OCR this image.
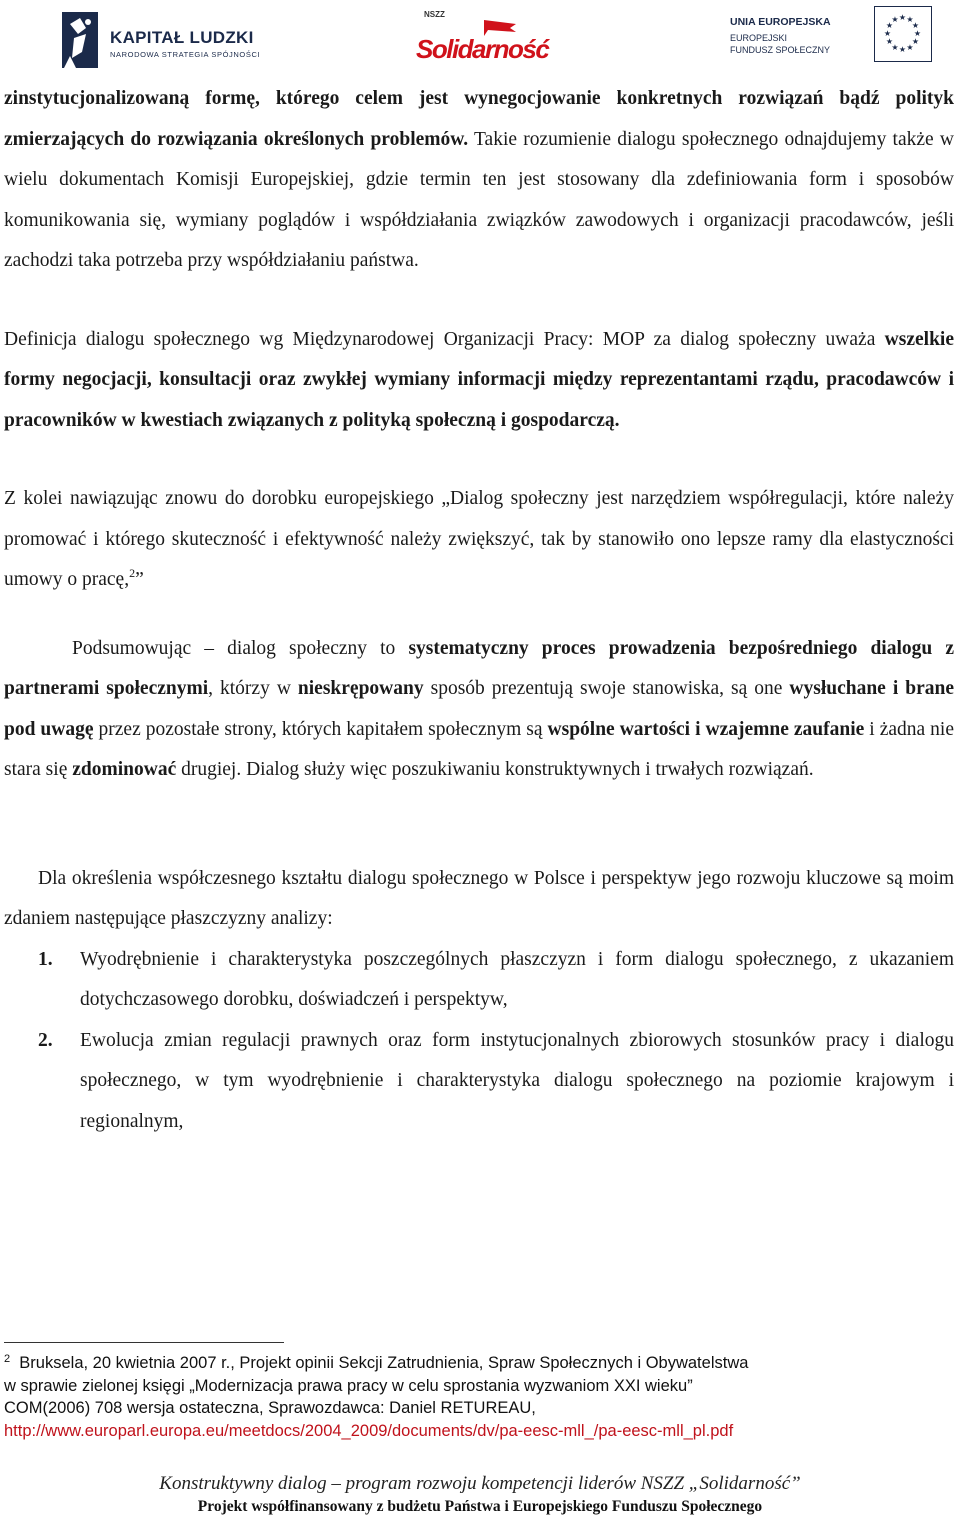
KAPITAŁ LUDZKI
NARODOWA STRATEGIA SPÓJNOŚCI
NSZZ
Solidarność
UNIA EUROPEJSKA
EUROPEJSKI
FUNDUSZ SPOŁECZNY
★ ★
★
★
★
★
★
★
★
★
★
★

zinstytucjonalizowaną formę, którego celem jest wynegocjowanie konkretnych rozwiązań bądź polityk zmierzających do rozwiązania określonych problemów. Takie rozumienie dialogu społecznego odnajdujemy także w wielu dokumentach Komisji Europejskiej, gdzie termin ten jest stosowany dla zdefiniowania form i sposobów komunikowania się, wymiany poglądów i współdziałania związków zawodowych i organizacji pracodawców, jeśli zachodzi taka potrzeba przy współdziałaniu państwa.

Definicja dialogu społecznego wg Międzynarodowej Organizacji Pracy: MOP za dialog społeczny uważa wszelkie formy negocjacji, konsultacji oraz zwykłej wymiany informacji między reprezentantami rządu, pracodawców i pracowników w kwestiach związanych z polityką społeczną i gospodarczą.

Z kolei nawiązując znowu do dorobku europejskiego „Dialog społeczny jest narzędziem współregulacji, które należy promować i którego skuteczność i efektywność należy zwiększyć, tak by stanowiło ono lepsze ramy dla elastyczności umowy o pracę,$^2$”

Podsumowując – dialog społeczny to systematyczny proces prowadzenia bezpośredniego dialogu z partnerami społecznymi, którzy w nieskrępowany sposób prezentują swoje stanowiska, są one wysłuchane i brane pod uwagę przez pozostałe strony, których kapitałem społecznym są wspólne wartości i wzajemne zaufanie i żadna nie stara się zdominować drugiej. Dialog służy więc poszukiwaniu konstruktywnych i trwałych rozwiązań.

Dla określenia współczesnego kształtu dialogu społecznego w Polsce i perspektyw jego rozwoju kluczowe są moim zdaniem następujące płaszczyzny analizy:

1. Wyodrębnienie i charakterystyka poszczególnych płaszczyzn i form dialogu społecznego, z ukazaniem dotychczasowego dorobku, doświadczeń i perspektyw,
2. Ewolucja zmian regulacji prawnych oraz form instytucjonalnych zbiorowych stosunków pracy i dialogu społecznego, w tym wyodrębnienie i charakterystyka dialogu społecznego na poziomie krajowym i regionalnym,
$^2$ Bruksela, 20 kwietnia 2007 r., Projekt opinii Sekcji Zatrudnienia, Spraw Społecznych i Obywatelstwa
w sprawie zielonej księgi „Modernizacja prawa pracy w celu sprostania wyzwaniom XXI wieku”
COM(2006) 708 wersja ostateczna, Sprawozdawca: Daniel RETUREAU,
http://www.europarl.europa.eu/meetdocs/2004_2009/documents/dv/pa-eesc-mll_/pa-eesc-mll_pl.pdf
Konstruktywny dialog – program rozwoju kompetencji liderów NSZZ „Solidarność”
Projekt współfinansowany z budżetu Państwa i Europejskiego Funduszu Społecznego
